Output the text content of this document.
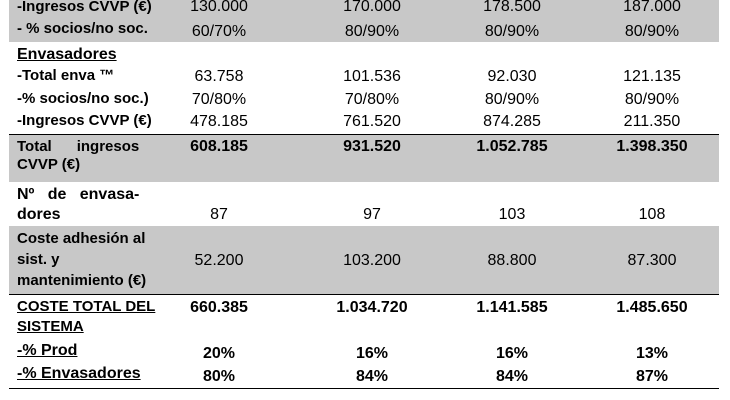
-Ingresos CVVP (€)	130.000	170.000	178.500	187.000
- % socios/no soc.	60/70%	80/90%	80/90%	80/90%
Envasadores
-Total enva ™	63.758	101.536	92.030	121.135
-% socios/no soc.)	70/80%	70/80%	80/90%	80/90%
-Ingresos CVVP (€)	478.185	761.520	874.285	211.350
Total      ingresos
CVVP (€)
608.185	931.520	1.052.785	1.398.350
Nº   de   envasa-
dores	87	97	103	108
Coste adhesión al
sist. y
mantenimiento (€)
52.200	103.200	88.800	87.300
COSTE TOTAL DEL
SISTEMA
660.385	1.034.720	1.141.585	1.485.650
-% Prod	20%	16%	16%	13%
-% Envasadores	80%	84%	84%	87%
